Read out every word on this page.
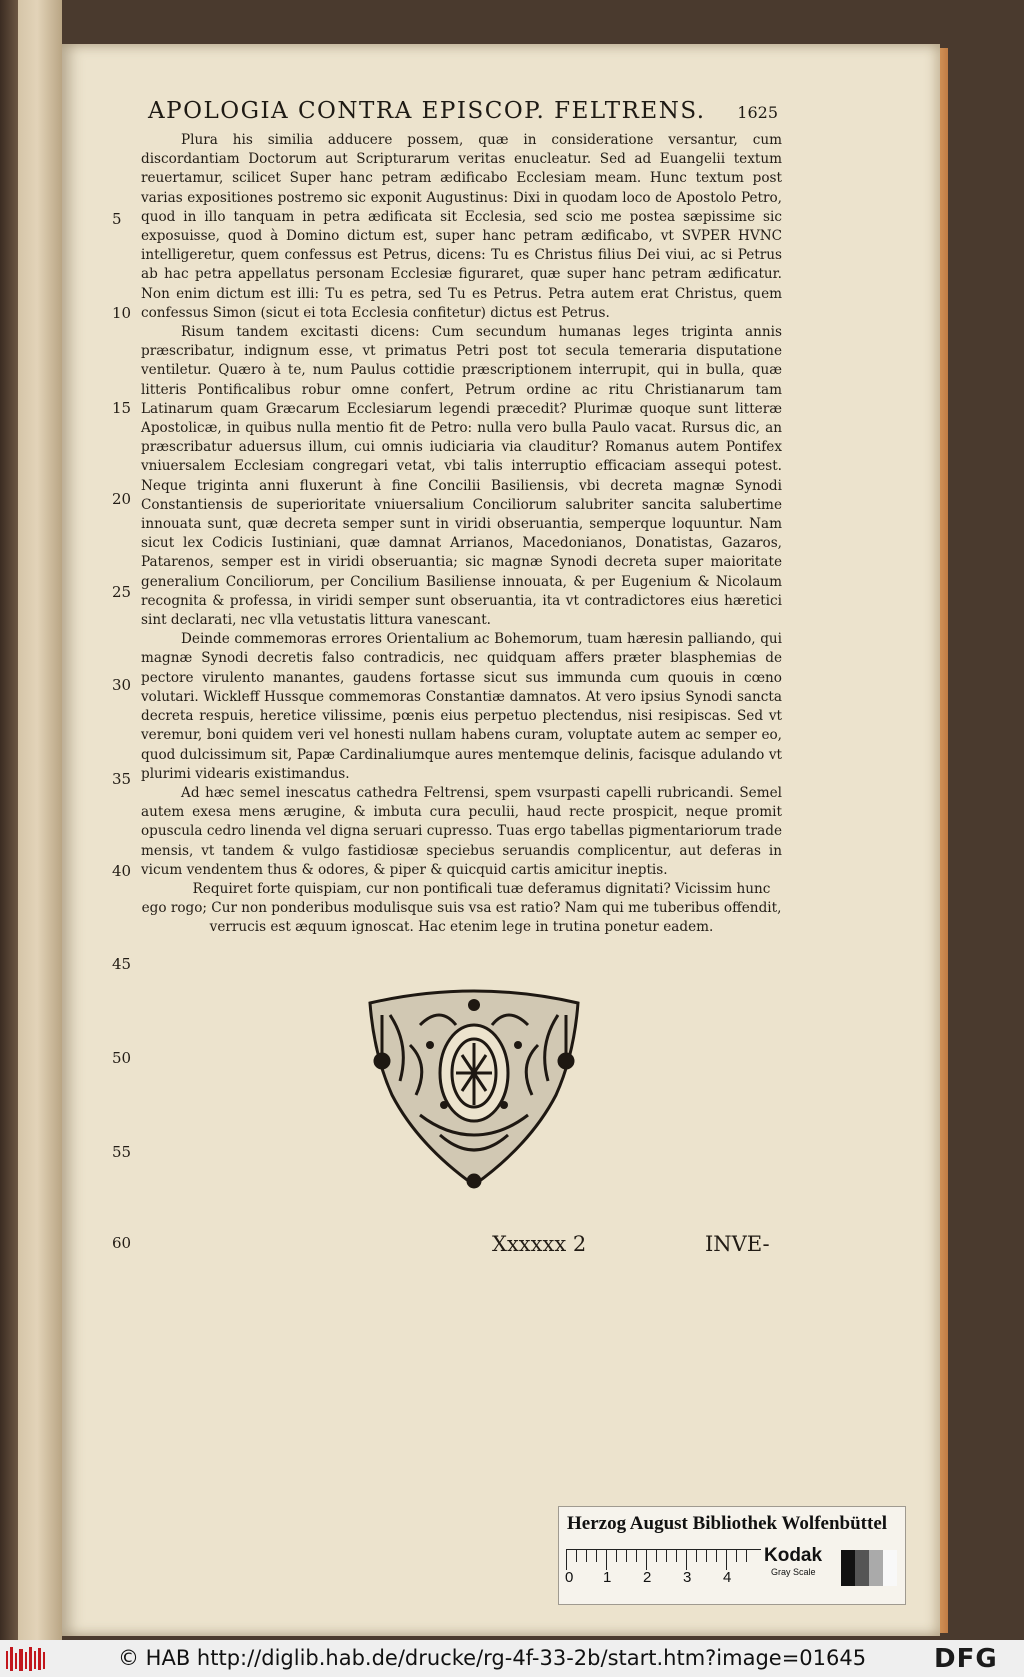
APOLOGIA CONTRA EPISCOP. FELTRENS. 1625

Plura his similia adducere possem, quæ in consideratione versantur, cum discordantiam Doctorum aut Scripturarum veritas enucleatur. Sed ad Euangelii textum reuertamur, scilicet Super hanc petram ædificabo Ecclesiam meam. Hunc textum post varias expositiones postremo sic exponit Augustinus: Dixi in quodam loco de Apostolo Petro, quod in illo tanquam in petra ædificata sit Ecclesia, sed scio me postea sæpissime sic exposuisse, quod à Domino dictum est, super hanc petram ædificabo, vt SVPER HVNC intelligeretur, quem confessus est Petrus, dicens: Tu es Christus filius Dei viui, ac si Petrus ab hac petra appellatus personam Ecclesiæ figuraret, quæ super hanc petram ædificatur. Non enim dictum est illi: Tu es petra, sed Tu es Petrus. Petra autem erat Christus, quem confessus Simon (sicut ei tota Ecclesia confitetur) dictus est Petrus.

Risum tandem excitasti dicens: Cum secundum humanas leges triginta annis præscribatur, indignum esse, vt primatus Petri post tot secula temeraria disputatione ventiletur. Quæro à te, num Paulus cottidie præscriptionem interrupit, qui in bulla, quæ litteris Pontificalibus robur omne confert, Petrum ordine ac ritu Christianarum tam Latinarum quam Græcarum Ecclesiarum legendi præcedit? Plurimæ quoque sunt litteræ Apostolicæ, in quibus nulla mentio fit de Petro: nulla vero bulla Paulo vacat. Rursus dic, an præscribatur aduersus illum, cui omnis iudiciaria via clauditur? Romanus autem Pontifex vniuersalem Ecclesiam congregari vetat, vbi talis interruptio efficaciam assequi potest. Neque triginta anni fluxerunt à fine Concilii Basiliensis, vbi decreta magnæ Synodi Constantiensis de superioritate vniuersalium Conciliorum salubriter sancita salubertime innouata sunt, quæ decreta semper sunt in viridi obseruantia, semperque loquuntur. Nam sicut lex Codicis Iustiniani, quæ damnat Arrianos, Macedonianos, Donatistas, Gazaros, Patarenos, semper est in viridi obseruantia; sic magnæ Synodi decreta super maioritate generalium Conciliorum, per Concilium Basiliense innouata, & per Eugenium & Nicolaum recognita & professa, in viridi semper sunt obseruantia, ita vt contradictores eius hæretici sint declarati, nec vlla vetustatis littura vanescant.

Deinde commemoras errores Orientalium ac Bohemorum, tuam hæresin palliando, qui magnæ Synodi decretis falso contradicis, nec quidquam affers præter blasphemias de pectore virulento manantes, gaudens fortasse sicut sus immunda cum quouis in cœno volutari. Wickleff Hussque commemoras Constantiæ damnatos. At vero ipsius Synodi sancta decreta respuis, heretice vilissime, pœnis eius perpetuo plectendus, nisi resipiscas. Sed vt veremur, boni quidem veri vel honesti nullam habens curam, voluptate autem ac semper eo, quod dulcissimum sit, Papæ Cardinaliumque aures mentemque delinis, facisque adulando vt plurimi videaris existimandus.

Ad hæc semel inescatus cathedra Feltrensi, spem vsurpasti capelli rubricandi. Semel autem exesa mens ærugine, & imbuta cura peculii, haud recte prospicit, neque promit opuscula cedro linenda vel digna seruari cupresso. Tuas ergo tabellas pigmentariorum trade mensis, vt tandem & vulgo fastidiosæ speciebus seruandis complicentur, aut deferas in vicum vendentem thus & odores, & piper & quicquid cartis amicitur ineptis.

Requiret forte quispiam, cur non pontificali tuæ deferamus dignitati? Vicissim hunc ego rogo; Cur non ponderibus modulisque suis vsa est ratio? Nam qui me tuberibus offendit, verrucis est æquum ignoscat. Hac etenim lege in trutina ponetur eadem.

5
10
15
20
25
30
35
40
45
50
55
60	Xxxxxx 2	INVE-
Herzog August Bibliothek Wolfenbüttel
0 1 2 3 4
Kodak
Gray Scale
© HAB http://diglib.hab.de/drucke/rg-4f-33-2b/start.htm?image=01645	DFG
